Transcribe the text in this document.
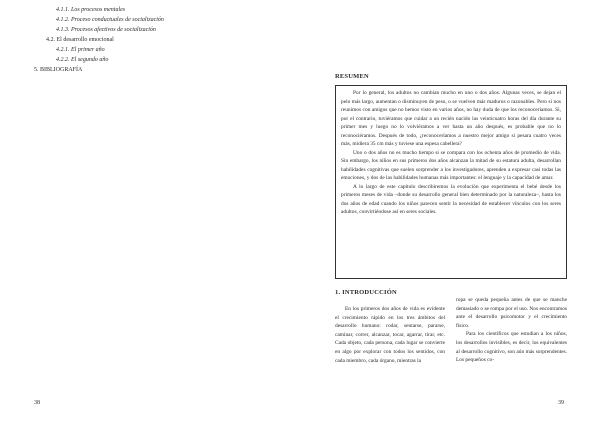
4.1.1. Los procesos mentales
4.1.2. Proceso conductuales de socialización
4.1.3. Procesos afectivos de socialización
4.2. El desarrollo emocional
4.2.1. El primer año
4.2.2. El segundo año
5. BIBLIOGRAFÍA
38
RESUMEN

Por lo general, los adultos no cambian mucho en uno o dos años. Algunas veces, se dejan el pelo más largo, aumentan o disminuyen de peso, o se vuelven más maduros o razonables. Pero si nos reunimos con amigos que no hemos visto en varios años, no hay duda de que los reconoceríamos. Si, por el contrario, tuviéramos que cuidar a un recién nacido las veinticuatro horas del día durante su primer mes y luego no lo volviéramos a ver hasta un año después, es probable que no lo reconociéramos. Después de todo, ¿reconoceríamos a nuestro mejor amigo si pesara cuatro veces más, midiera 35 cm más y tuviese una espesa cabellera?

Uno o dos años no es mucho tiempo si se compara con los ochenta años de promedio de vida. Sin embargo, los niños en sus primeros dos años alcanzan la mitad de su estatura adulta, desarrollan habilidades cognitivas que suelen sorprender a los investigadores, aprenden a expresar casi todas las emociones, y dos de las habilidades humanas más importantes: el lenguaje y la capacidad de amar.

A lo largo de este capítulo describiremos la evolución que experimenta el bebé desde los primeros meses de vida –donde su desarrollo general bien determinado por la naturaleza–, hasta los dos años de edad cuando los niños parecen sentir la necesidad de establecer vínculos con los seres adultos, convirtiéndose así en seres sociales.

1. INTRODUCCIÓN

En los primeros dos años de vida es evidente el crecimiento rápido en los tres ámbitos del desarrollo humano: rodar, sentarse, pararse, caminar, correr, alcanzar, tocar, agarrar, tirar, etc. Cada objeto, cada persona, cada lugar se convierte en algo por explorar con todos los sentidos, con cada miembro, cada órgano, mientras la

ropa se queda pequeña antes de que se manche demasiado o se rompa por el uso. Nos encontramos ante el desarrollo psicomotor y el crecimiento físico.

Para los científicos que estudian a los niños, los desarrollos invisibles, es decir, los equivalentes al desarrollo cognitivo, son aún más sorprendentes. Los pequeños co-

39
